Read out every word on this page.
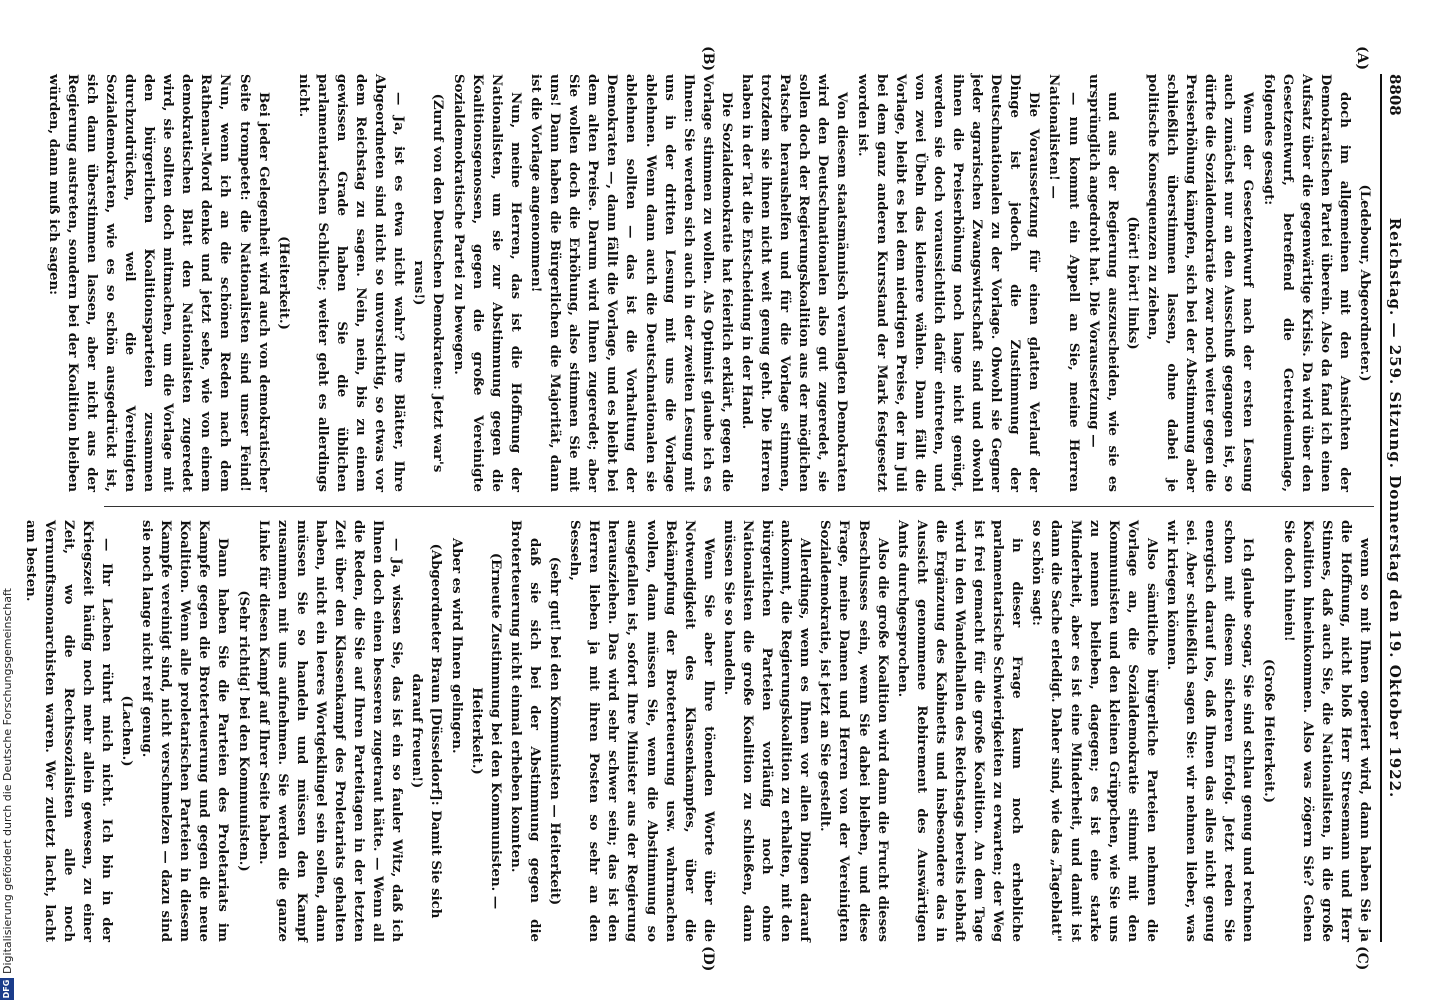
8808
Reichstag. — 259. Sitzung. Donnerstag den 19. Oktober 1922.

(Ledebour, Abgeordneter.)

doch im allgemeinen mit den Ansichten der Demokratischen Partei überein. Also da fand ich einen Aufsatz über die gegenwärtige Krisis. Da wird über den Gesetzentwurf, betreffend die Getreideumlage, folgendes gesagt:

Wenn der Gesetzentwurf nach der ersten Lesung auch zunächst nur an den Ausschuß gegangen ist, so dürfte die Sozialdemokratie zwar noch weiter gegen die Preiserhöhung kämpfen, sich bei der Abstimmung aber schließlich überstimmen lassen, ohne dabei je politische Konsequenzen zu ziehen,

(hört! hört! links)

und aus der Regierung auszuscheiden, wie sie es ursprünglich angedroht hat. Die Voraussetzung —

— nun kommt ein Appell an Sie, meine Herren Nationalisten! —

Die Voraussetzung für einen glatten Verlauf der Dinge ist jedoch die Zustimmung der Deutschnationalen zu der Vorlage. Obwohl sie Gegner jeder agrarischen Zwangswirtschaft sind und obwohl ihnen die Preiserhöhung noch lange nicht genügt, werden sie doch voraussichtlich dafür eintreten, und von zwei Übeln das kleinere wählen. Dann fällt die Vorlage, bleibt es bei dem niedrigen Preise, der im Juli bei dem ganz anderen Kursstand der Mark festgesetzt worden ist.

Von diesem staatsmännisch veranlagten Demokraten wird den Deutschnationalen also gut zugeredet, sie sollen doch der Regierungskoalition aus der möglichen Patsche heraushelfen und für die Vorlage stimmen, trotzdem sie ihnen nicht weit genug geht. Die Herren haben in der Tat die Entscheidung in der Hand.

Die Sozialdemokratie hat feierlich erklärt, gegen die Vorlage stimmen zu wollen. Als Optimist glaube ich es Ihnen: Sie werden sich auch in der zweiten Lesung mit uns in der dritten Lesung mit uns die Vorlage ablehnen. Wenn dann auch die Deutschnationalen sie ablehnen sollten — das ist die Vorhaltung der Demokraten —, dann fällt die Vorlage, und es bleibt bei dem alten Preise. Darum wird Ihnen zugeredet; aber Sie wollen doch die Erhöhung, also stimmen Sie mit uns! Dann haben die Bürgerlichen die Majorität, dann ist die Vorlage angenommen!

Nun, meine Herren, das ist die Hoffnung der Nationalisten, um sie zur Abstimmung gegen die Koalitionsgenossen, gegen die große Vereinigte Sozialdemokratische Partei zu bewegen.

(Zuruf von den Deutschen Demokraten: Jetzt war's raus!)

— Ja, ist es etwa nicht wahr? Ihre Blätter, Ihre Abgeordneten sind nicht so unvorsichtig, so etwas vor dem Reichstag zu sagen. Nein, nein, bis zu einem gewissen Grade haben Sie die üblichen parlamentarischen Schliche; weiter geht es allerdings nicht.

(Heiterkeit.)

Bei jeder Gelegenheit wird auch von demokratischer Seite trompetet: die Nationalisten sind unser Feind! Nun, wenn ich an die schönen Reden nach dem Rathenau-Mord denke und jetzt sehe, wie von einem demokratischen Blatt den Nationalisten zugeredet wird, sie sollten doch mitmachen, um die Vorlage mit den bürgerlichen Koalitionsparteien zusammen durchzudrücken, weil die Vereinigten Sozialdemokraten, wie es so schön ausgedrückt ist, sich dann überstimmen lassen, aber nicht aus der Regierung austreten, sondern bei der Koalition bleiben würden, dann muß ich sagen:

wenn so mit Ihnen operiert wird, dann haben Sie ja die Hoffnung, nicht bloß Herr Stresemann und Herr Stinnes, daß auch Sie, die Nationalisten, in die große Koalition hineinkommen. Also was zögern Sie? Gehen Sie doch hinein!

(Große Heiterkeit.)

Ich glaube sogar, Sie sind schlau genug und rechnen schon mit diesem sicheren Erfolg. Jetzt reden Sie energisch darauf los, daß Ihnen das alles nicht genug sei. Aber schließlich sagen Sie: wir nehmen lieber, was wir kriegen können.

Also sämtliche bürgerliche Parteien nehmen die Vorlage an, die Sozialdemokratie stimmt mit den Kommunisten und den kleinen Grüppchen, wie Sie uns zu nennen belieben, dagegen; es ist eine starke Minderheit, aber es ist eine Minderheit, und damit ist dann die Sache erledigt. Daher sind, wie das „Tageblatt" so schön sagt:

in dieser Frage kaum noch erhebliche parlamentarische Schwierigkeiten zu erwarten; der Weg ist frei gemacht für die große Koalition. An dem Tage wird in den Wandelhallen des Reichstags bereits lebhaft die Ergänzung des Kabinetts und insbesondere das in Aussicht genommene Rebirement des Auswärtigen Amts durchgesprochen.

Also die große Koalition wird dann die Frucht dieses Beschlusses sein, wenn Sie dabei bleiben, und diese Frage, meine Damen und Herren von der Vereinigten Sozialdemokratie, ist jetzt an Sie gestellt.

Allerdings, wenn es Ihnen vor allen Dingen darauf ankommt, die Regierungskoalition zu erhalten, mit den bürgerlichen Parteien vorläufig noch ohne Nationalisten die große Koalition zu schließen, dann müssen Sie so handeln.

Wenn Sie aber Ihre tönenden Worte über die Notwendigkeit des Klassenkampfes, über die Bekämpfung der Broterteuerung usw. wahrmachen wollen, dann müssen Sie, wenn die Abstimmung so ausgefallen ist, sofort Ihre Minister aus der Regierung herausziehen. Das wird sehr schwer sein; das ist den Herren lieben ja mit ihren Posten so sehr an den Sesseln,

(sehr gut! bei den Kommunisten — Heiterkeit)

daß sie sich bei der Abstimmung gegen die Broterteuerung nicht einmal erheben konnten.

(Erneute Zustimmung bei den Kommunisten. — Heiterkeit.)

Aber es wird Ihnen gelingen.

(Abgeordneter Braun [Düsseldorf]: Damit Sie sich darauf freuen!)

— Ja, wissen Sie, das ist ein so fauler Witz, daß ich Ihnen doch einen besseren zugetraut hätte. — Wenn all die Reden, die Sie auf Ihren Parteitagen in der letzten Zeit über den Klassenkampf des Proletariats gehalten haben, nicht ein leeres Wortgeklingel sein sollen, dann müssen Sie so handeln und müssen den Kampf zusammen mit uns aufnehmen. Sie werden die ganze Linke für diesen Kampf auf Ihrer Seite haben.

(Sehr richtig! bei den Kommunisten.)

Dann haben Sie die Parteien des Proletariats im Kampfe gegen die Broterteuerung und gegen die neue Koalition. Wenn alle proletarischen Parteien in diesem Kampfe vereinigt sind, nicht verschmelzen — dazu sind sie noch lange nicht reif genug.

(Lachen.)

— Ihr Lachen rührt mich nicht. Ich bin in der Kriegszeit häufig noch mehr allein gewesen, zu einer Zeit, wo die Rechtssozialisten alle noch Vernunftsmonarchisten waren. Wer zuletzt lacht, lacht am besten.

(A)
(B)
(C)
(D)
DFG
Digitalisierung gefördert durch die Deutsche Forschungsgemeinschaft
